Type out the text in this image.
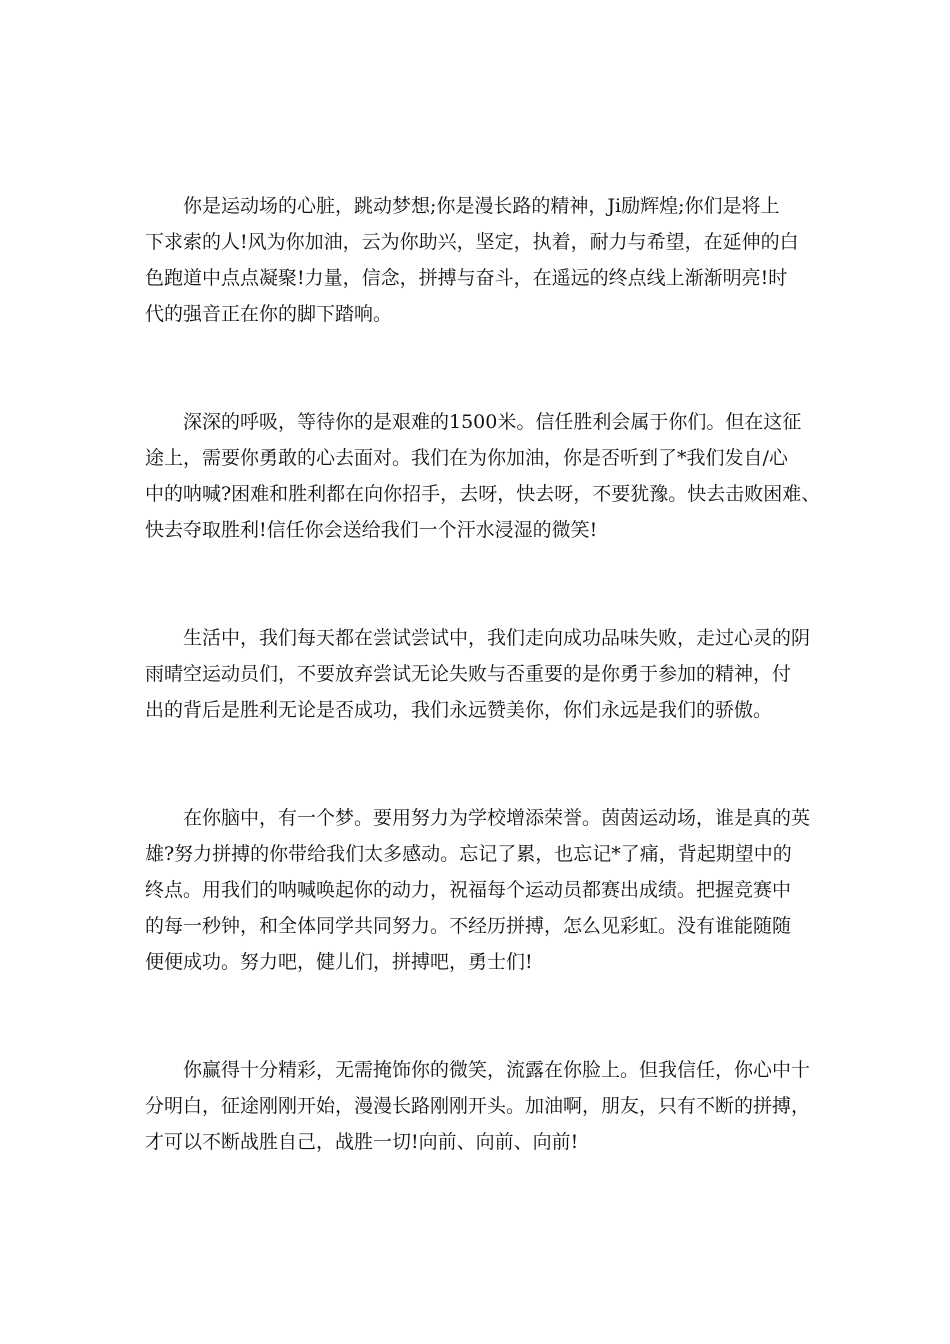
　　你是运动场的心脏，跳动梦想;你是漫长路的精神，Ji励辉煌;你们是将上
下求索的人!风为你加油，云为你助兴，坚定，执着，耐力与希望，在延伸的白
色跑道中点点凝聚!力量，信念，拼搏与奋斗，在遥远的终点线上渐渐明亮!时
代的强音正在你的脚下踏响。

　　深深的呼吸，等待你的是艰难的1500米。信任胜利会属于你们。但在这征
途上，需要你勇敢的心去面对。我们在为你加油，你是否听到了*我们发自/心
中的呐喊?困难和胜利都在向你招手，去呀，快去呀，不要犹豫。快去击败困难、
快去夺取胜利!信任你会送给我们一个汗水浸湿的微笑!

　　生活中，我们每天都在尝试尝试中，我们走向成功品味失败，走过心灵的阴
雨晴空运动员们，不要放弃尝试无论失败与否重要的是你勇于参加的精神，付
出的背后是胜利无论是否成功，我们永远赞美你，你们永远是我们的骄傲。

　　在你脑中，有一个梦。要用努力为学校增添荣誉。茵茵运动场，谁是真的英
雄?努力拼搏的你带给我们太多感动。忘记了累，也忘记*了痛，背起期望中的
终点。用我们的呐喊唤起你的动力，祝福每个运动员都赛出成绩。把握竞赛中
的每一秒钟，和全体同学共同努力。不经历拼搏，怎么见彩虹。没有谁能随随
便便成功。努力吧，健儿们，拼搏吧，勇士们!

　　你赢得十分精彩，无需掩饰你的微笑，流露在你脸上。但我信任，你心中十
分明白，征途刚刚开始，漫漫长路刚刚开头。加油啊，朋友，只有不断的拼搏，
才可以不断战胜自己，战胜一切!向前、向前、向前!
